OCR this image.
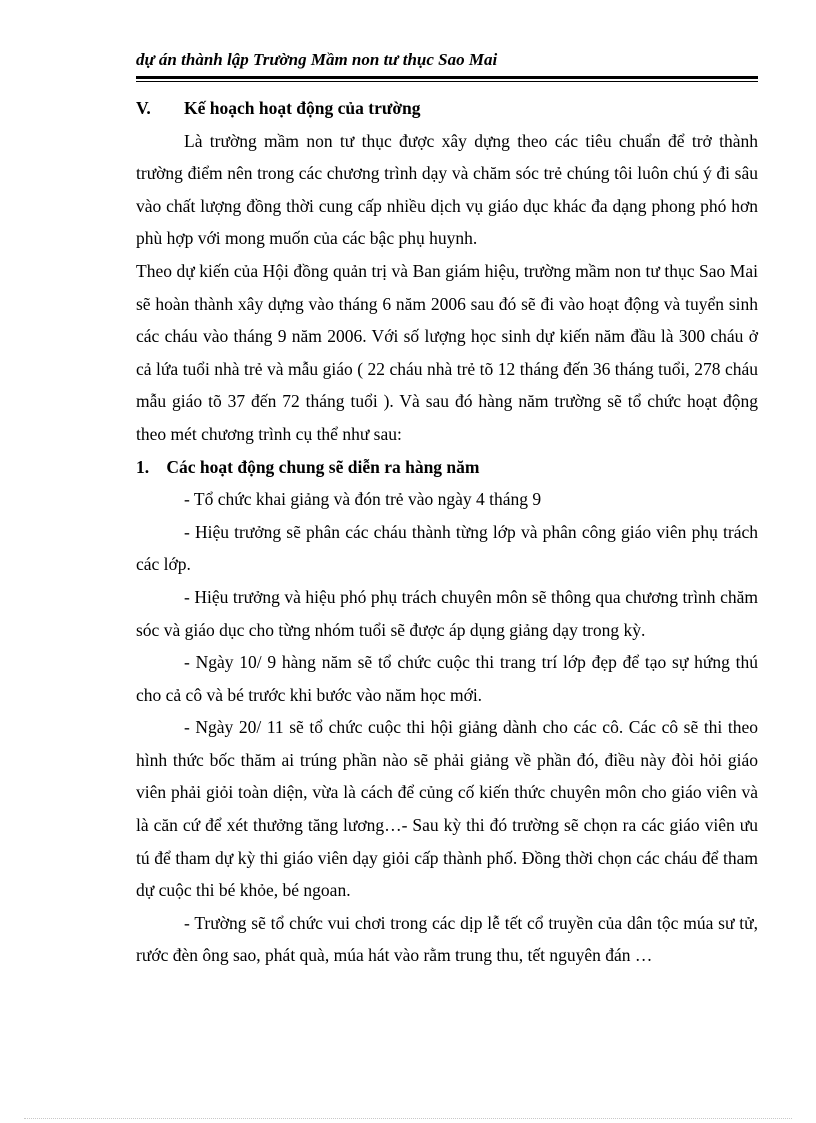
dự án thành lập Trường Mầm non tư thục Sao Mai
V.	Kế hoạch hoạt động của trường

Là trường mầm non tư thục được xây dựng theo các tiêu chuẩn để trở thành trường điểm nên trong các chương trình dạy và chăm sóc trẻ chúng tôi luôn chú ý đi sâu vào chất lượng đồng thời cung cấp nhiều dịch vụ giáo dục khác đa dạng phong phó hơn phù hợp với mong muốn của các bậc phụ huynh.

Theo dự kiến của Hội đồng quản trị và Ban giám hiệu, trường mầm non tư thục Sao Mai sẽ hoàn thành xây dựng vào tháng 6 năm 2006 sau đó sẽ đi vào hoạt động và tuyển sinh các cháu vào tháng 9 năm 2006. Với số lượng học sinh dự kiến năm đầu là 300 cháu ở cả lứa tuổi nhà trẻ và mẫu giáo ( 22 cháu nhà trẻ tõ 12 tháng đến 36 tháng tuổi, 278 cháu mẫu giáo tõ 37 đến 72 tháng tuổi ). Và sau đó hàng năm trường sẽ tổ chức hoạt động theo mét chương trình cụ thể như sau:

1. Các hoạt động chung sẽ diễn ra hàng năm

- Tổ chức khai giảng và đón trẻ vào ngày 4 tháng 9

- Hiệu trưởng sẽ phân các cháu thành từng lớp và phân công giáo viên phụ trách các lớp.

- Hiệu trưởng và hiệu phó phụ trách chuyên môn sẽ thông qua chương trình chăm sóc và giáo dục cho từng nhóm tuổi sẽ được áp dụng giảng dạy trong kỳ.

- Ngày 10/ 9 hàng năm sẽ tổ chức cuộc thi trang trí lớp đẹp để tạo sự hứng thú cho cả cô và bé trước khi bước vào năm học mới.

- Ngày 20/ 11 sẽ tổ chức cuộc thi hội giảng dành cho các cô. Các cô sẽ thi theo hình thức bốc thăm ai trúng phần nào sẽ phải giảng về phần đó, điều này đòi hỏi giáo viên phải giỏi toàn diện, vừa là cách để củng cố kiến thức chuyên môn cho giáo viên và là căn cứ để xét thưởng tăng lương…- Sau kỳ thi đó trường sẽ chọn ra các giáo viên ưu tú để tham dự kỳ thi giáo viên dạy giỏi cấp thành phố. Đồng thời chọn các cháu để tham dự cuộc thi bé khỏe, bé ngoan.

- Trường sẽ tổ chức vui chơi trong các dịp lễ tết cổ truyền của dân tộc múa sư tử, rước đèn ông sao, phát quà, múa hát vào rằm trung thu, tết nguyên đán …
